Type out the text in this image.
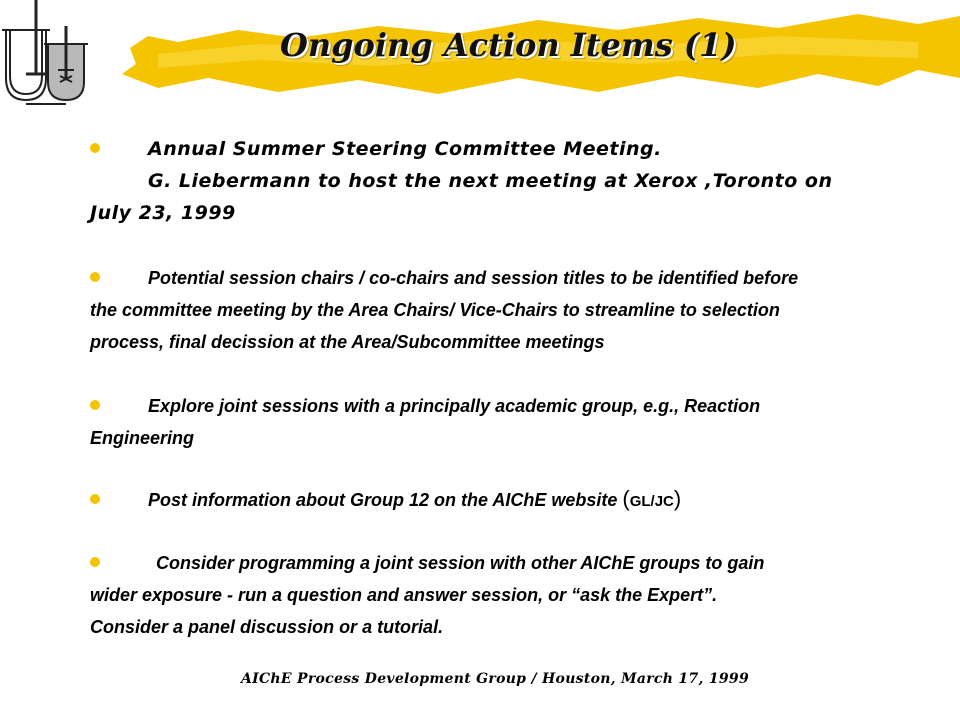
Ongoing Action Items (1)
Annual Summer Steering Committee Meeting.
G. Liebermann to host the next meeting at Xerox ,Toronto on
July 23, 1999
Potential session chairs / co-chairs and session titles to be identified before
the committee meeting by the Area Chairs/ Vice-Chairs to streamline to selection
process, final decission at the Area/Subcommittee meetings
Explore joint sessions with a principally academic group, e.g., Reaction
Engineering
Post information about Group 12 on the AIChE website (GL/JC)
Consider programming a joint session with other AIChE groups to gain
wider exposure - run a question and answer session, or “ask the Expert”.
Consider a panel discussion or a tutorial.
AIChE Process Development Group / Houston, March 17, 1999
